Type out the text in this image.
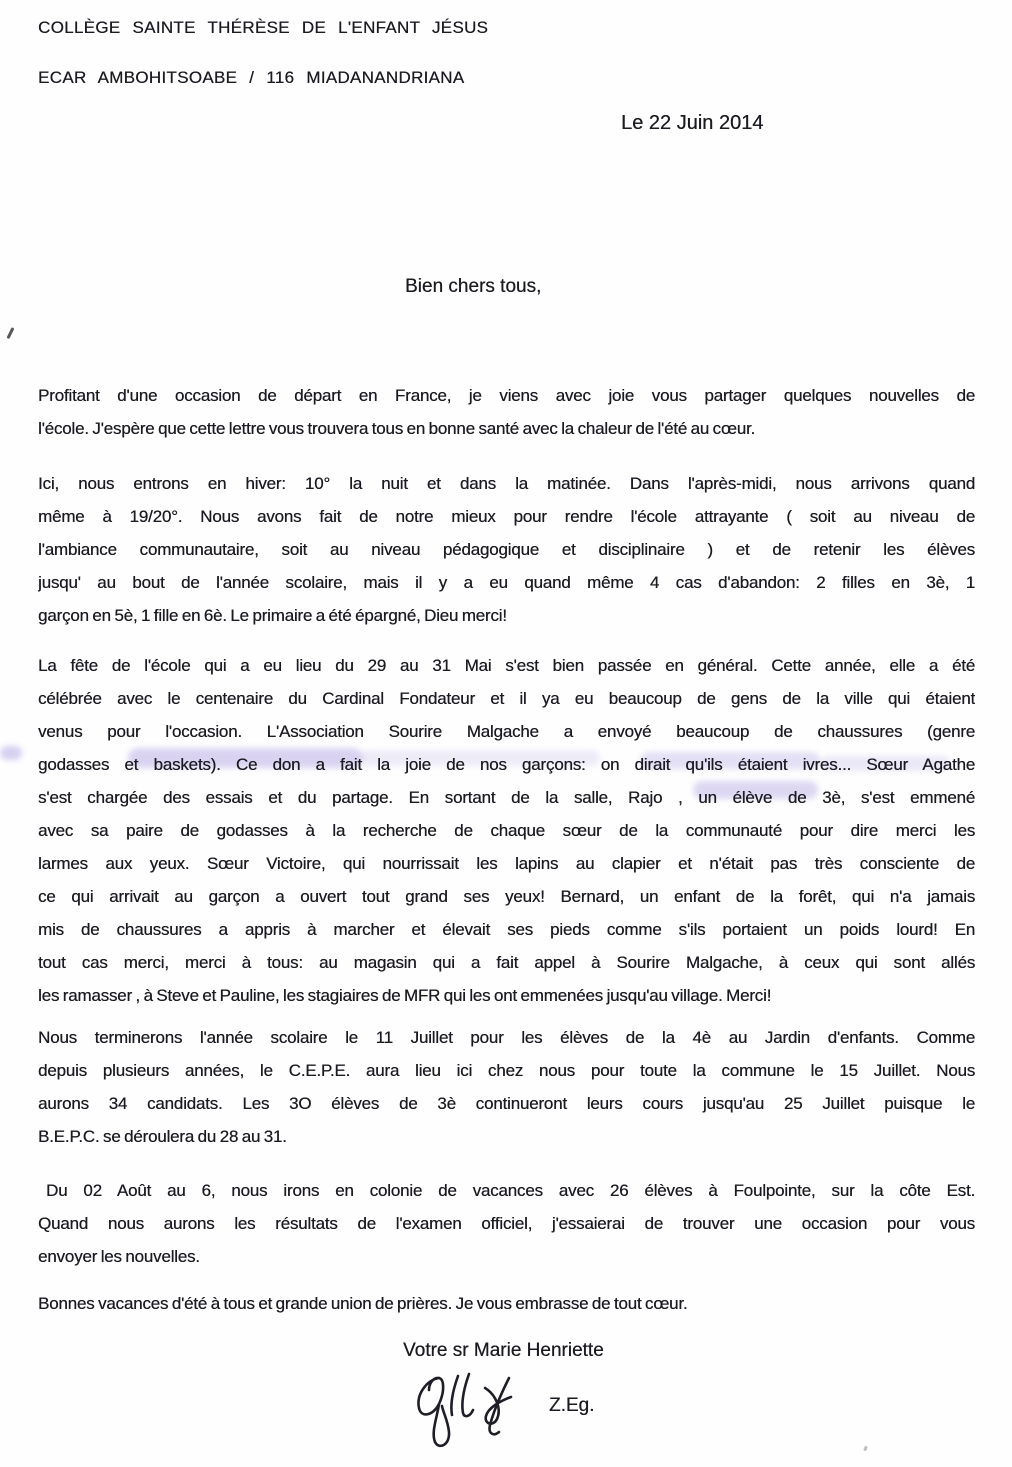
COLLÈGE SAINTE THÉRÈSE DE L'ENFANT JÉSUS
ECAR AMBOHITSOABE / 116 MIADANANDRIANA
Le 22 Juin 2014
Bien chers tous,
Profitant d'une occasion de départ en France, je viens avec joie vous partager quelques nouvelles de
l'école. J'espère que cette lettre vous trouvera tous en bonne santé avec la chaleur de l'été au cœur.
Ici, nous entrons en hiver: 10° la nuit et dans la matinée. Dans l'après-midi, nous arrivons quand
même à 19/20°. Nous avons fait de notre mieux pour rendre l'école attrayante ( soit au niveau de
l'ambiance communautaire, soit au niveau pédagogique et disciplinaire ) et de retenir les élèves
jusqu' au bout de l'année scolaire, mais il y a eu quand même 4 cas d'abandon: 2 filles en 3è, 1
garçon en 5è, 1 fille en 6è. Le primaire a été épargné, Dieu merci!
La fête de l'école qui a eu lieu du 29 au 31 Mai s'est bien passée en général. Cette année, elle a été
célébrée avec le centenaire du Cardinal Fondateur et il ya eu beaucoup de gens de la ville qui étaient
venus pour l'occasion. L'Association Sourire Malgache a envoyé beaucoup de chaussures (genre
godasses et baskets). Ce don a fait la joie de nos garçons: on dirait qu'ils étaient ivres... Sœur Agathe
s'est chargée des essais et du partage. En sortant de la salle, Rajo , un élève de 3è, s'est emmené
avec sa paire de godasses à la recherche de chaque sœur de la communauté pour dire merci les
larmes aux yeux. Sœur Victoire, qui nourrissait les lapins au clapier et n'était pas très consciente de
ce qui arrivait au garçon a ouvert tout grand ses yeux! Bernard, un enfant de la forêt, qui n'a jamais
mis de chaussures a appris à marcher et élevait ses pieds comme s'ils portaient un poids lourd! En
tout cas merci, merci à tous: au magasin qui a fait appel à Sourire Malgache, à ceux qui sont allés
les ramasser , à Steve et Pauline, les stagiaires de MFR qui les ont emmenées jusqu'au village. Merci!
Nous terminerons l'année scolaire le 11 Juillet pour les élèves de la 4è au Jardin d'enfants. Comme
depuis plusieurs années, le C.E.P.E. aura lieu ici chez nous pour toute la commune le 15 Juillet. Nous
aurons 34 candidats. Les 3O élèves de 3è continueront leurs cours jusqu'au 25 Juillet puisque le
B.E.P.C. se déroulera du 28 au 31.
Du 02 Août au 6, nous irons en colonie de vacances avec 26 élèves à Foulpointe, sur la côte Est.
Quand nous aurons les résultats de l'examen officiel, j'essaierai de trouver une occasion pour vous
envoyer les nouvelles.
Bonnes vacances d'été à tous et grande union de prières. Je vous embrasse de tout cœur.
Votre sr Marie Henriette
Z.Eg.
